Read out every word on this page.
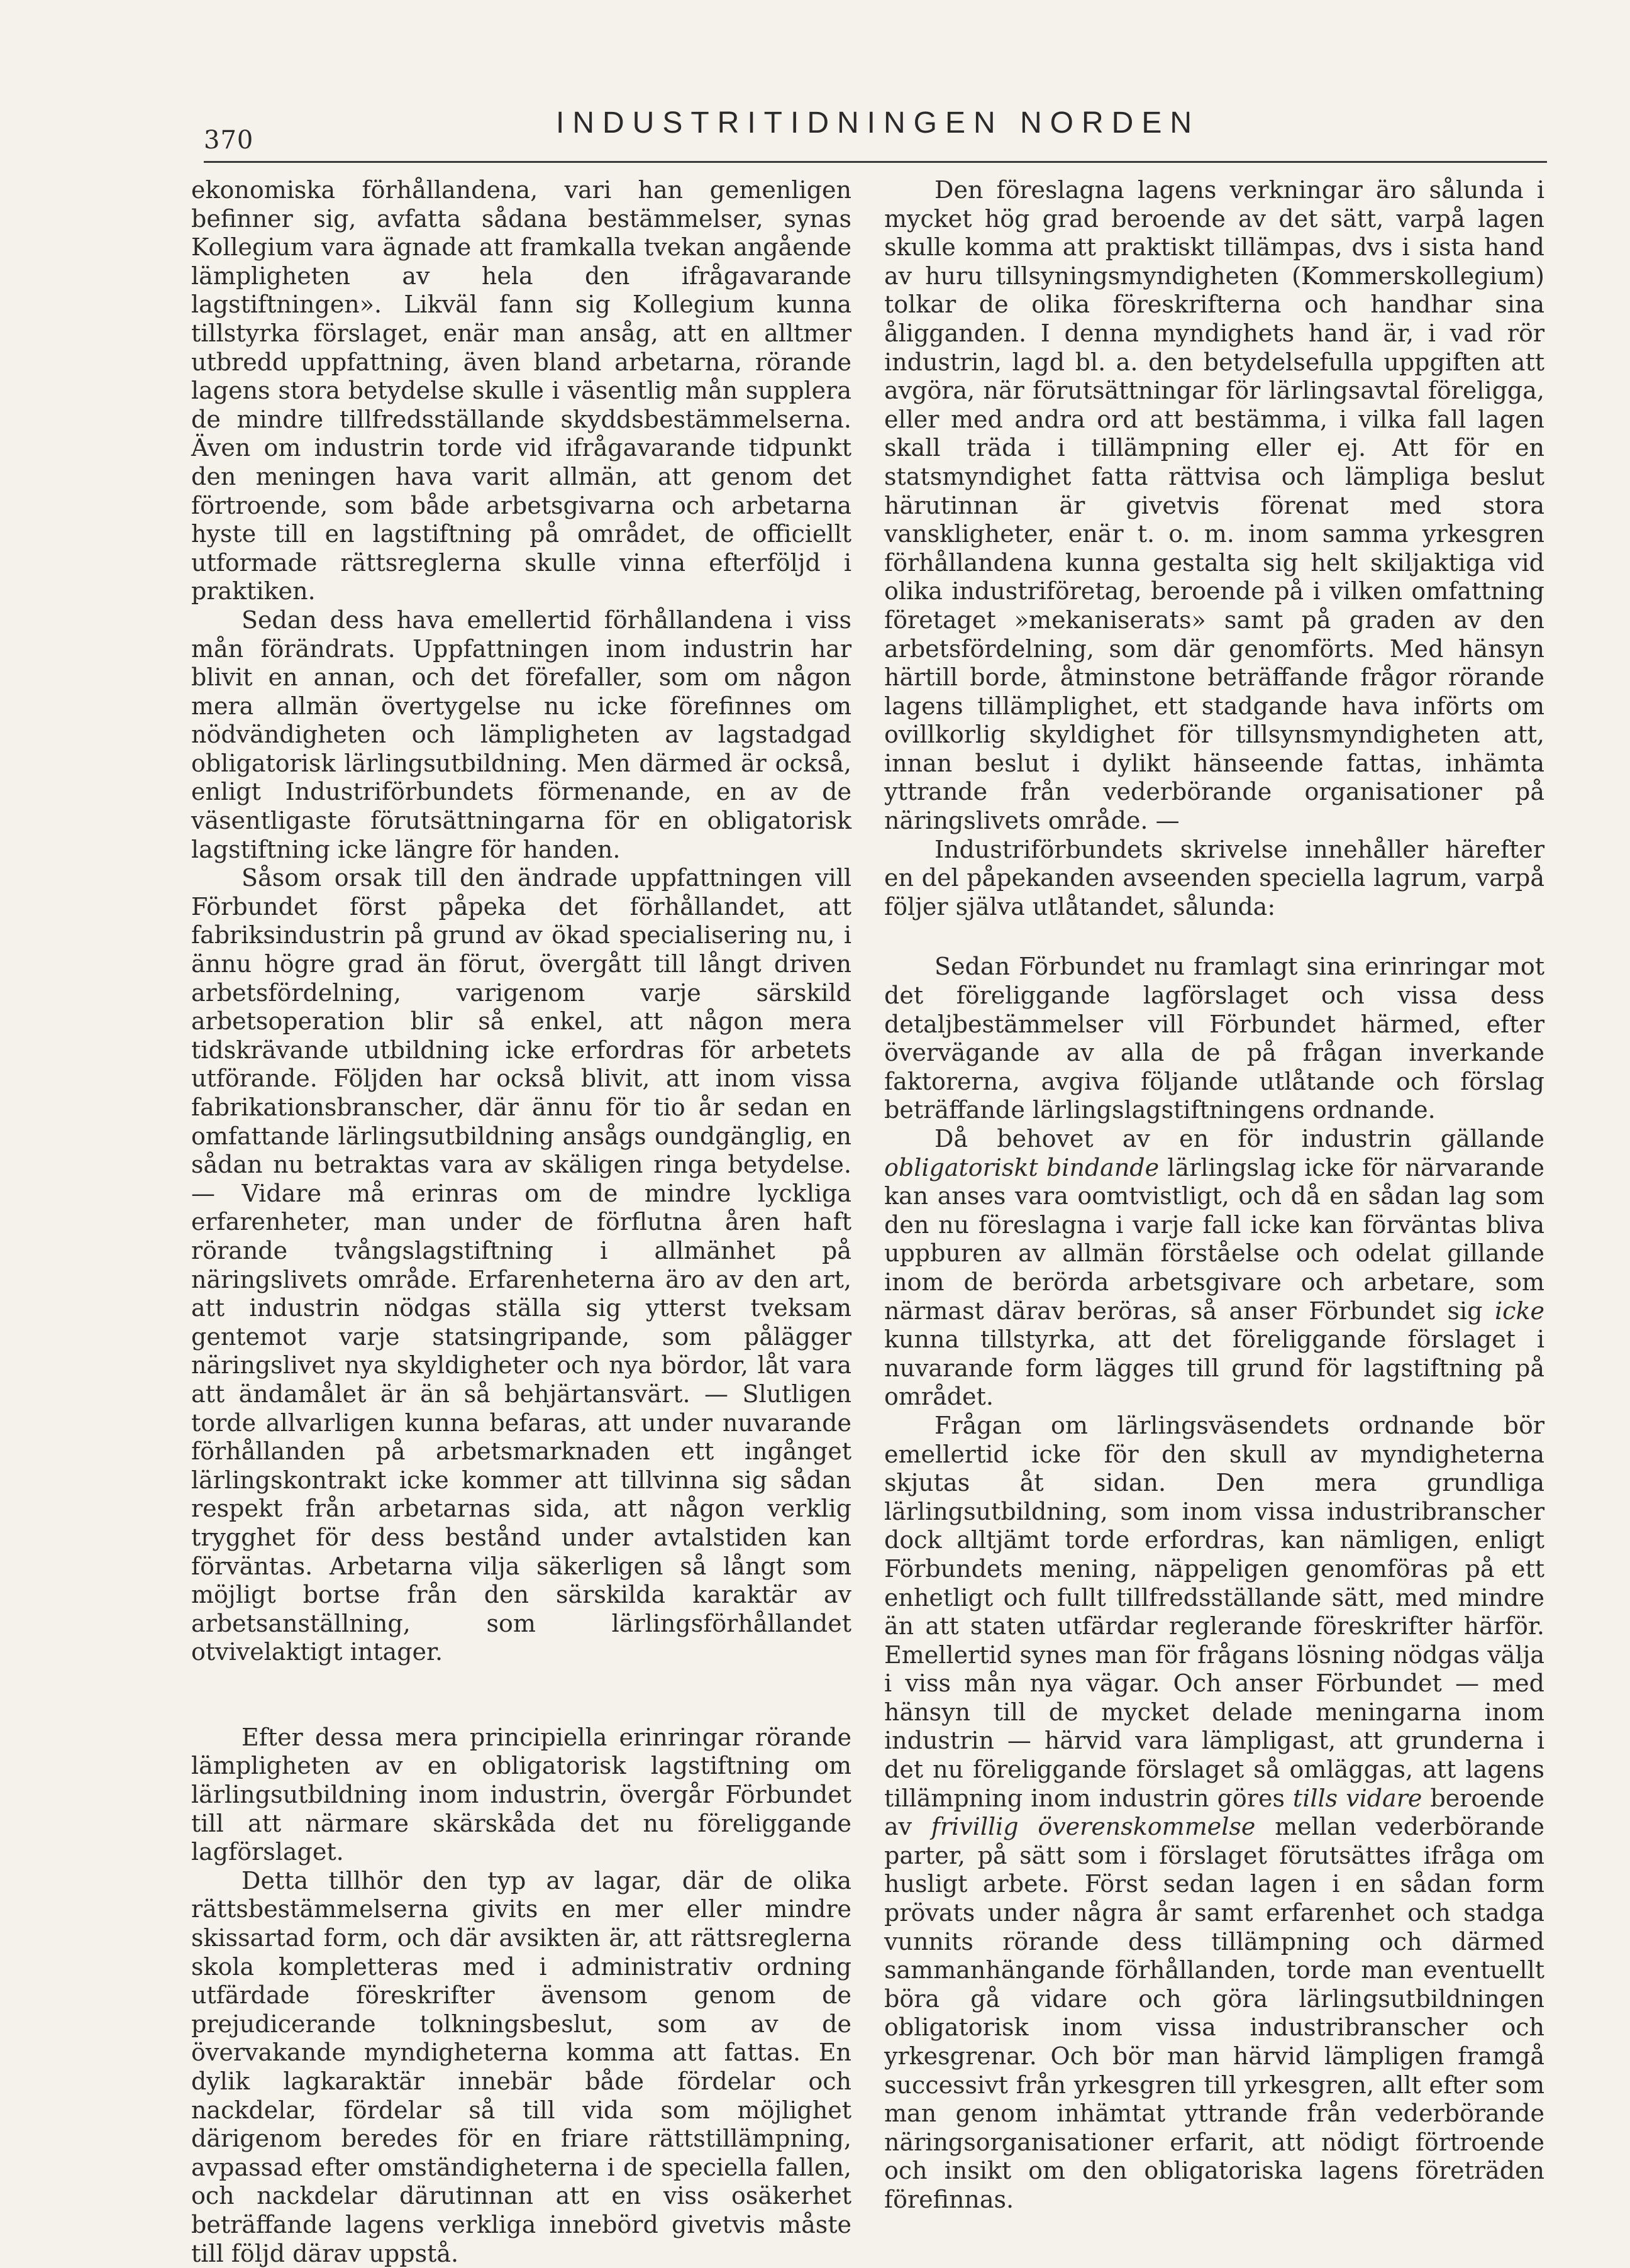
370
INDUSTRITIDNINGEN NORDEN

ekonomiska förhållandena, vari han gemenligen befinner sig, avfatta sådana bestämmelser, synas Kollegium vara ägnade att framkalla tvekan angående lämpligheten av hela den ifrågavarande lagstiftningen». Likväl fann sig Kollegium kunna tillstyrka förslaget, enär man ansåg, att en alltmer utbredd uppfattning, även bland arbetarna, rörande lagens stora betydelse skulle i väsentlig mån supplera de mindre tillfredsställande skyddsbestämmelserna. Även om industrin torde vid ifrågavarande tidpunkt den meningen hava varit allmän, att genom det förtroende, som både arbetsgivarna och arbetarna hyste till en lagstiftning på området, de officiellt utformade rättsreglerna skulle vinna efterföljd i praktiken.

Sedan dess hava emellertid förhållandena i viss mån förändrats. Uppfattningen inom industrin har blivit en annan, och det förefaller, som om någon mera allmän övertygelse nu icke förefinnes om nödvändigheten och lämpligheten av lagstadgad obligatorisk lärlingsutbildning. Men därmed är också, enligt Industriförbundets förmenande, en av de väsentligaste förutsättningarna för en obligatorisk lagstiftning icke längre för handen.

Såsom orsak till den ändrade uppfattningen vill Förbundet först påpeka det förhållandet, att fabriksindustrin på grund av ökad specialisering nu, i ännu högre grad än förut, övergått till långt driven arbetsfördelning, varigenom varje särskild arbetsoperation blir så enkel, att någon mera tidskrävande utbildning icke erfordras för arbetets utförande. Följden har också blivit, att inom vissa fabrikationsbranscher, där ännu för tio år sedan en omfattande lärlingsutbildning ansågs oundgänglig, en sådan nu betraktas vara av skäligen ringa betydelse. — Vidare må erinras om de mindre lyckliga erfarenheter, man under de förflutna åren haft rörande tvångslagstiftning i allmänhet på näringslivets område. Erfarenheterna äro av den art, att industrin nödgas ställa sig ytterst tveksam gentemot varje statsingripande, som pålägger näringslivet nya skyldigheter och nya bördor, låt vara att ändamålet är än så behjärtansvärt. — Slutligen torde allvarligen kunna befaras, att under nuvarande förhållanden på arbetsmarknaden ett ingånget lärlingskontrakt icke kommer att tillvinna sig sådan respekt från arbetarnas sida, att någon verklig trygghet för dess bestånd under avtalstiden kan förväntas. Arbetarna vilja säkerligen så långt som möjligt bortse från den särskilda karaktär av arbetsanställning, som lärlingsförhållandet otvivelaktigt intager.

Efter dessa mera principiella erinringar rörande lämpligheten av en obligatorisk lagstiftning om lärlingsutbildning inom industrin, övergår Förbundet till att närmare skärskåda det nu föreliggande lagförslaget.

Detta tillhör den typ av lagar, där de olika rättsbestämmelserna givits en mer eller mindre skissartad form, och där avsikten är, att rättsreglerna skola kompletteras med i administrativ ordning utfärdade föreskrifter ävensom genom de prejudicerande tolkningsbeslut, som av de övervakande myndigheterna komma att fattas. En dylik lagkaraktär innebär både fördelar och nackdelar, fördelar så till vida som möjlighet därigenom beredes för en friare rättstillämpning, avpassad efter omständigheterna i de speciella fallen, och nackdelar därutinnan att en viss osäkerhet beträffande lagens verkliga innebörd givetvis måste till följd därav uppstå.

Den föreslagna lagens verkningar äro sålunda i mycket hög grad beroende av det sätt, varpå lagen skulle komma att praktiskt tillämpas, dvs i sista hand av huru tillsyningsmyndigheten (Kommerskollegium) tolkar de olika föreskrifterna och handhar sina åligganden. I denna myndighets hand är, i vad rör industrin, lagd bl. a. den betydelsefulla uppgiften att avgöra, när förutsättningar för lärlingsavtal föreligga, eller med andra ord att bestämma, i vilka fall lagen skall träda i tillämpning eller ej. Att för en statsmyndighet fatta rättvisa och lämpliga beslut härutinnan är givetvis förenat med stora vanskligheter, enär t. o. m. inom samma yrkesgren förhållandena kunna gestalta sig helt skiljaktiga vid olika industriföretag, beroende på i vilken omfattning företaget »mekaniserats» samt på graden av den arbetsfördelning, som där genomförts. Med hänsyn härtill borde, åtminstone beträffande frågor rörande lagens tillämplighet, ett stadgande hava införts om ovillkorlig skyldighet för tillsynsmyndigheten att, innan beslut i dylikt hänseende fattas, inhämta yttrande från vederbörande organisationer på näringslivets område. —

Industriförbundets skrivelse innehåller härefter en del påpekanden avseenden speciella lagrum, varpå följer själva utlåtandet, sålunda:

Sedan Förbundet nu framlagt sina erinringar mot det föreliggande lagförslaget och vissa dess detaljbestämmelser vill Förbundet härmed, efter övervägande av alla de på frågan inverkande faktorerna, avgiva följande utlåtande och förslag beträffande lärlingslagstiftningens ordnande.

Då behovet av en för industrin gällande obligatoriskt bindande lärlingslag icke för närvarande kan anses vara oomtvistligt, och då en sådan lag som den nu föreslagna i varje fall icke kan förväntas bliva uppburen av allmän förståelse och odelat gillande inom de berörda arbetsgivare och arbetare, som närmast därav beröras, så anser Förbundet sig icke kunna tillstyrka, att det föreliggande förslaget i nuvarande form lägges till grund för lagstiftning på området.

Frågan om lärlingsväsendets ordnande bör emellertid icke för den skull av myndigheterna skjutas åt sidan. Den mera grundliga lärlingsutbildning, som inom vissa industribranscher dock alltjämt torde erfordras, kan nämligen, enligt Förbundets mening, näppeligen genomföras på ett enhetligt och fullt tillfredsställande sätt, med mindre än att staten utfärdar reglerande föreskrifter härför. Emellertid synes man för frågans lösning nödgas välja i viss mån nya vägar. Och anser Förbundet — med hänsyn till de mycket delade meningarna inom industrin — härvid vara lämpligast, att grunderna i det nu föreliggande förslaget så omläggas, att lagens tillämpning inom industrin göres tills vidare beroende av frivillig överenskommelse mellan vederbörande parter, på sätt som i förslaget förutsättes ifråga om husligt arbete. Först sedan lagen i en sådan form prövats under några år samt erfarenhet och stadga vunnits rörande dess tillämpning och därmed sammanhängande förhållanden, torde man eventuellt böra gå vidare och göra lärlingsutbildningen obligatorisk inom vissa industribranscher och yrkesgrenar. Och bör man härvid lämpligen framgå successivt från yrkesgren till yrkesgren, allt efter som man genom inhämtat yttrande från vederbörande näringsorganisationer erfarit, att nödigt förtroende och insikt om den obligatoriska lagens företräden förefinnas.
